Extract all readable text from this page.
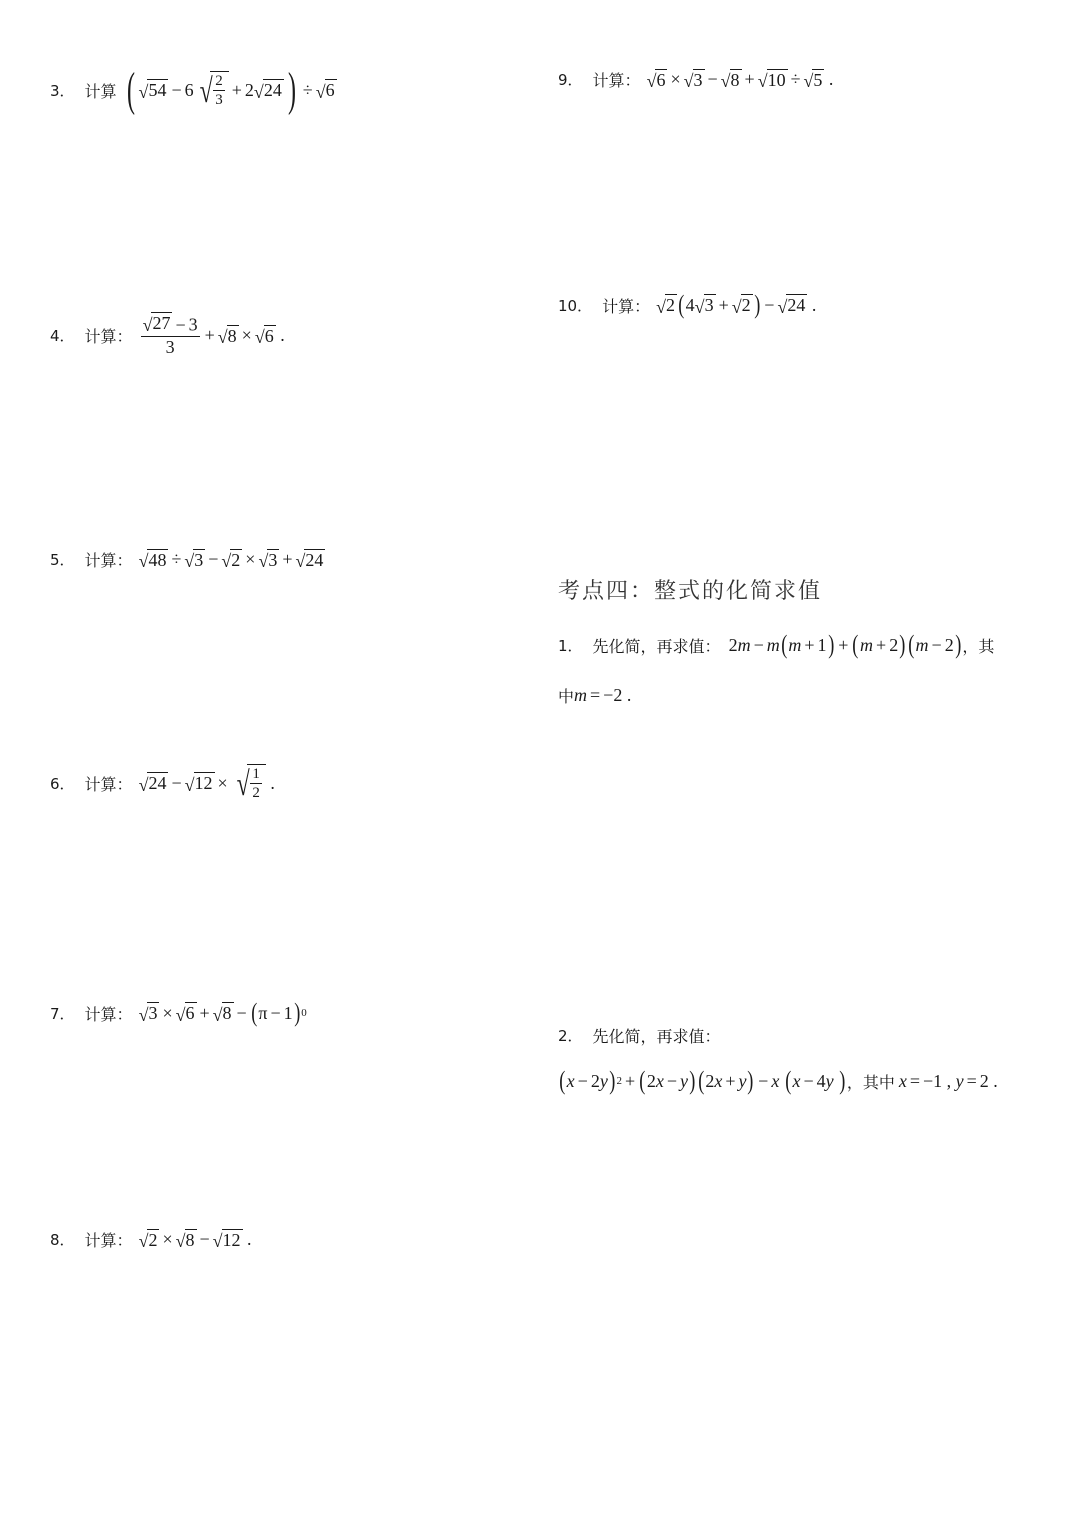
3． 计算 ( √ 54 − 6 √ $\frac{2}{3} + 2$ √ 24 ) ÷ √ 6
4． 计算： $\frac{√ 27 - 3}{3}$ + √ 8 × √ 6 .
5． 计算： √ 48 ÷ √ 3 − √ 2 × √ 3 + √ 24
6． 计算： √ 24 − √ 12 × √ $\frac{1}{2}$ .
7． 计算： √ 3 × √ 6 + √ 8 − ( π − 1 ) 0
8． 计算： √ 2 × √ 8 − √ 12 .
9． 计算： √ 6 × √ 3 − √ 8 + √ 10 ÷ √ 5 .
10． 计算： √ 2 ( 4 √ 3 + √ 2 ) − √ 24 .
考点四：整式的化简求值
1． 先化简，再求值： 2 m − m ( m + 1 ) + ( m + 2 ) ( m − 2 ) ，其
中 m = − 2 .
2． 先化简，再求值：
( x − 2 y ) 2 + ( 2 x − y ) ( 2 x + y ) − x
( x − 4 y
) ，其中 x = − 1 , y = 2 .
